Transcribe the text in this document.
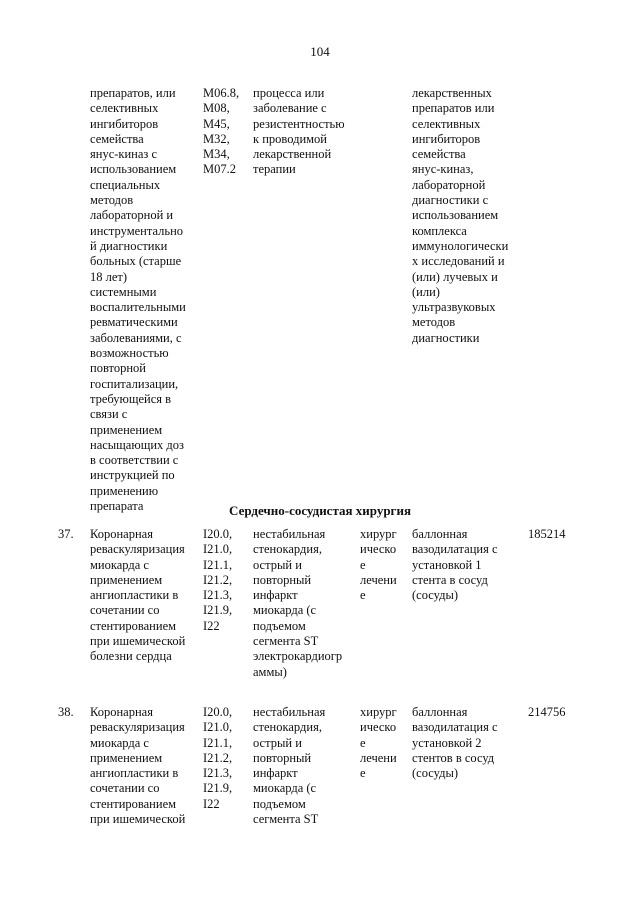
104
препаратов, или
селективных
ингибиторов
семейства
янус-киназ с
использованием
специальных
методов
лабораторной и
инструментально
й диагностики
больных (старше
18 лет)
системными
воспалительными
ревматическими
заболеваниями, с
возможностью
повторной
госпитализации,
требующейся в
связи с
применением
насыщающих доз
в соответствии с
инструкцией по
применению
препарата
M06.8,
M08,
M45,
M32,
M34,
M07.2
процесса или
заболевание с
резистентностью
к проводимой
лекарственной
терапии
лекарственных
препаратов или
селективных
ингибиторов
семейства
янус-киназ,
лабораторной
диагностики с
использованием
комплекса
иммунологически
х исследований и
(или) лучевых и
(или)
ультразвуковых
методов
диагностики
Сердечно-сосудистая хирургия
37. Коронарная
реваскуляризация
миокарда с
применением
ангиопластики в
сочетании со
стентированием
при ишемической
болезни сердца
I20.0,
I21.0,
I21.1,
I21.2,
I21.3,
I21.9,
I22
нестабильная
стенокардия,
острый и
повторный
инфаркт
миокарда (с
подъемом
сегмента ST
электрокардиогр
аммы)
хирург
ическо
е
лечени
е
баллонная
вазодилатация с
установкой 1
стента в сосуд
(сосуды)
185214
38. Коронарная
реваскуляризация
миокарда с
применением
ангиопластики в
сочетании со
стентированием
при ишемической
I20.0,
I21.0,
I21.1,
I21.2,
I21.3,
I21.9,
I22
нестабильная
стенокардия,
острый и
повторный
инфаркт
миокарда (с
подъемом
сегмента ST
хирург
ическо
е
лечени
е
баллонная
вазодилатация с
установкой 2
стентов в сосуд
(сосуды)
214756
